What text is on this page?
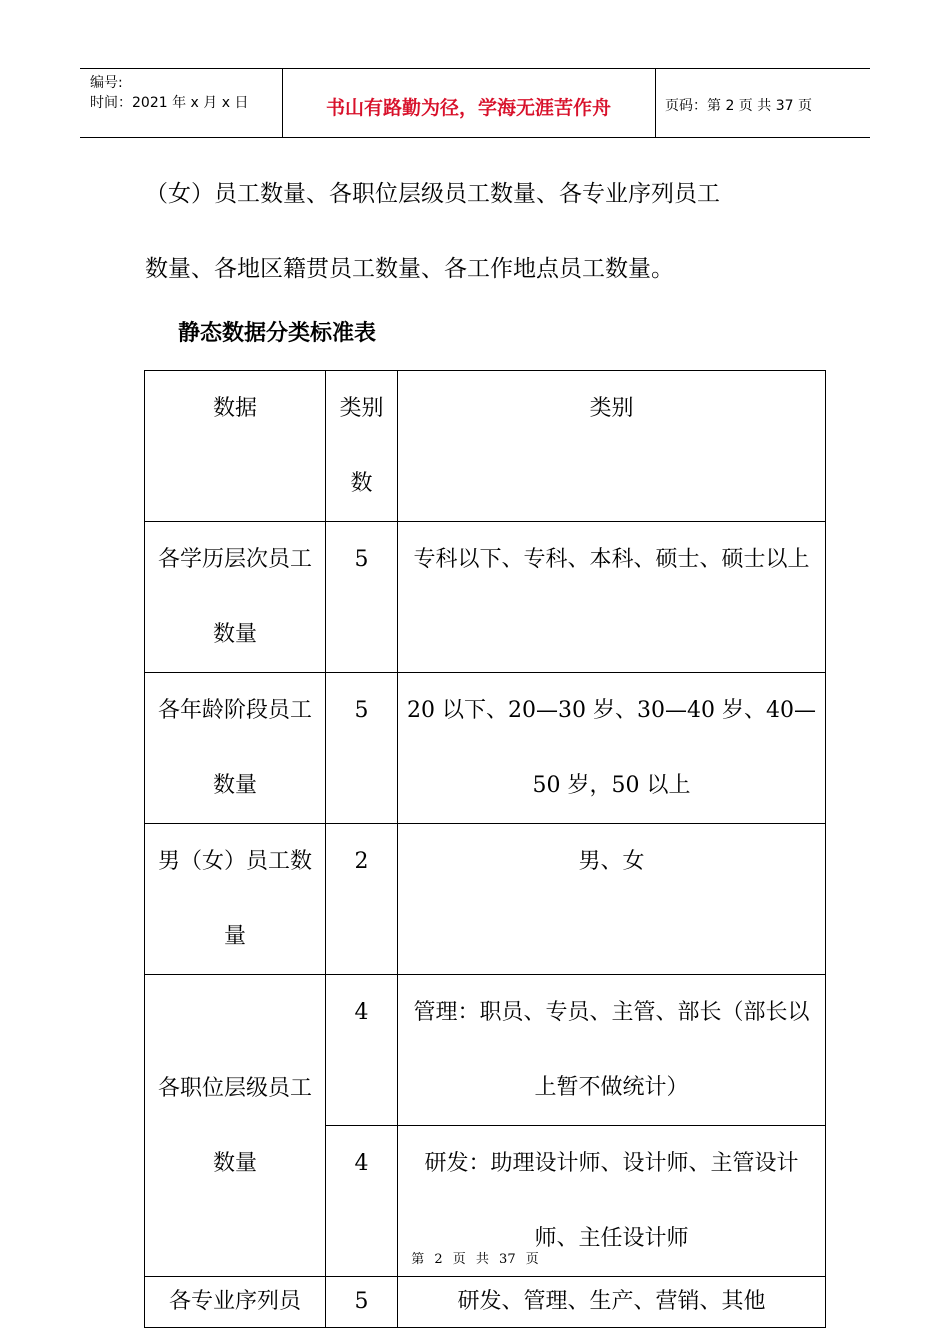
编号:
时间：2021 年 x 月 x 日	书山有路勤为径，学海无涯苦作舟	页码：第 2 页 共 37 页
（女）员工数量、各职位层级员工数量、各专业序列员工
数量、各地区籍贯员工数量、各工作地点员工数量。
静态数据分类标准表
数据	类别数	类别
各学历层次员工数量	5	专科以下、专科、本科、硕士、硕士以上
各年龄阶段员工数量	5	20 以下、20—30 岁、30—40 岁、40—50 岁，50 以上
男（女）员工数量	2	男、女
各职位层级员工数量	4	管理：职员、专员、主管、部长（部长以上暂不做统计）
	4	研发：助理设计师、设计师、主管设计师、主任设计师
各专业序列员	5	研发、管理、生产、营销、其他
第 2 页 共 37 页
